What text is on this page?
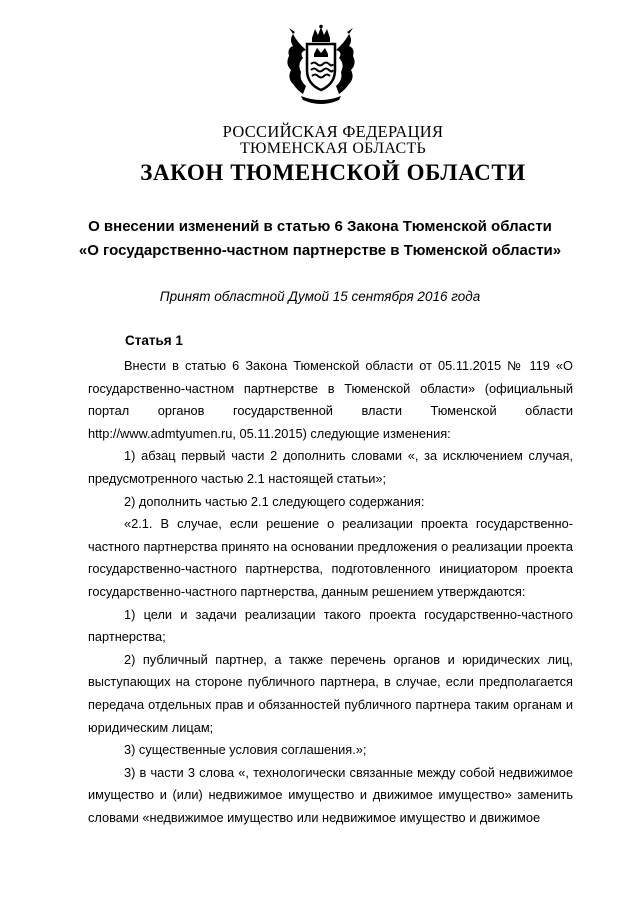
РОССИЙСКАЯ ФЕДЕРАЦИЯ
ТЮМЕНСКАЯ ОБЛАСТЬ
ЗАКОН ТЮМЕНСКОЙ ОБЛАСТИ
О внесении изменений в статью 6 Закона Тюменской области
«О государственно-частном партнерстве в Тюменской области»
Принят областной Думой 15 сентября 2016 года
Статья 1

Внести в статью 6 Закона Тюменской области от 05.11.2015 № 119 «О государственно-частном партнерстве в Тюменской области» (официальный портал органов государственной власти Тюменской области http://www.admtyumen.ru, 05.11.2015) следующие изменения:

1) абзац первый части 2 дополнить словами «, за исключением случая, предусмотренного частью 2.1 настоящей статьи»;

2) дополнить частью 2.1 следующего содержания:

«2.1. В случае, если решение о реализации проекта государственно-частного партнерства принято на основании предложения о реализации проекта государственно-частного партнерства, подготовленного инициатором проекта государственно-частного партнерства, данным решением утверждаются:

1) цели и задачи реализации такого проекта государственно-частного партнерства;

2) публичный партнер, а также перечень органов и юридических лиц, выступающих на стороне публичного партнера, в случае, если предполагается передача отдельных прав и обязанностей публичного партнера таким органам и юридическим лицам;

3) существенные условия соглашения.»;

3) в части 3 слова «, технологически связанные между собой недвижимое имущество и (или) недвижимое имущество и движимое имущество» заменить словами «недвижимое имущество или недвижимое имущество и движимое
